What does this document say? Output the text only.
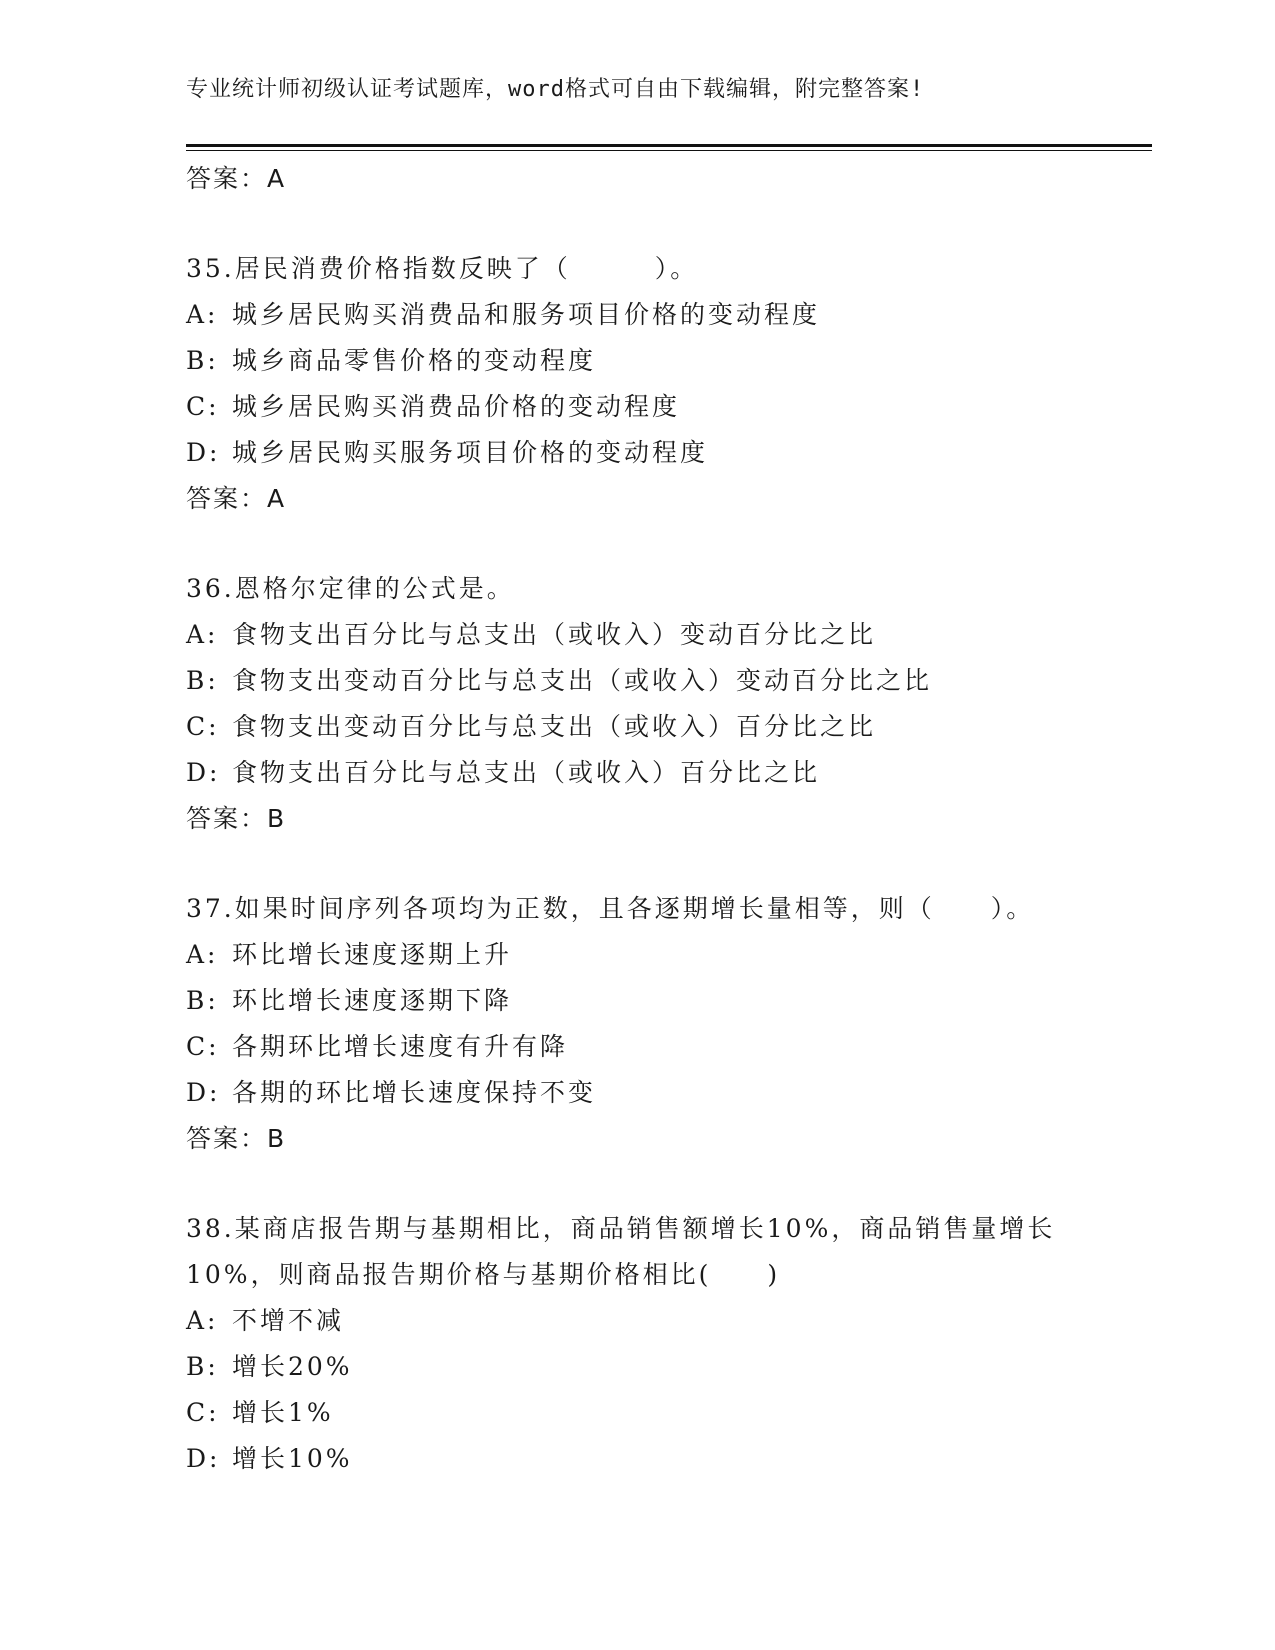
专业统计师初级认证考试题库，word格式可自由下载编辑，附完整答案!
答案：A
35.居民消费价格指数反映了（　　　）。
A: 城乡居民购买消费品和服务项目价格的变动程度
B: 城乡商品零售价格的变动程度
C: 城乡居民购买消费品价格的变动程度
D: 城乡居民购买服务项目价格的变动程度
答案：A
36.恩格尔定律的公式是。
A: 食物支出百分比与总支出（或收入）变动百分比之比
B: 食物支出变动百分比与总支出（或收入）变动百分比之比
C: 食物支出变动百分比与总支出（或收入）百分比之比
D: 食物支出百分比与总支出（或收入）百分比之比
答案：B
37.如果时间序列各项均为正数，且各逐期增长量相等，则（　　）。
A: 环比增长速度逐期上升
B: 环比增长速度逐期下降
C: 各期环比增长速度有升有降
D: 各期的环比增长速度保持不变
答案：B
38.某商店报告期与基期相比，商品销售额增长10%，商品销售量增长
10%，则商品报告期价格与基期价格相比(　　)
A: 不增不减
B: 增长20%
C: 增长1%
D: 增长10%
